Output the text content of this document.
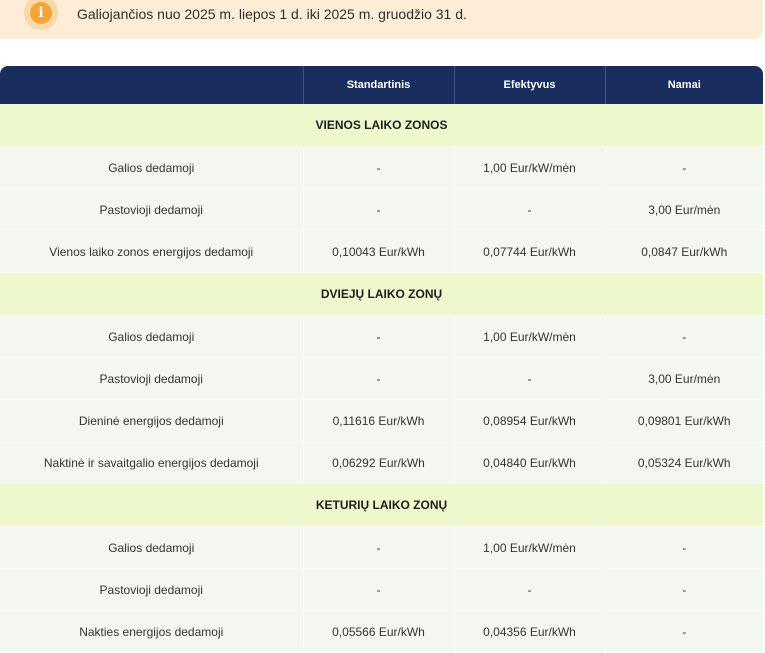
i	Galiojančios nuo 2025 m. liepos 1 d. iki 2025 m. gruodžio 31 d.
	Standartinis	Efektyvus	Namai
VIENOS LAIKO ZONOS			
Galios dedamoji	-	1,00 Eur/kW/mėn	-
Pastovioji dedamoji	-	-	3,00 Eur/mėn
Vienos laiko zonos energijos dedamoji	0,10043 Eur/kWh	0,07744 Eur/kWh	0,0847 Eur/kWh
DVIEJŲ LAIKO ZONŲ			
Galios dedamoji	-	1,00 Eur/kW/mėn	-
Pastovioji dedamoji	-	-	3,00 Eur/mėn
Dieninė energijos dedamoji	0,11616 Eur/kWh	0,08954 Eur/kWh	0,09801 Eur/kWh
Naktinė ir savaitgalio energijos dedamoji	0,06292 Eur/kWh	0,04840 Eur/kWh	0,05324 Eur/kWh
KETURIŲ LAIKO ZONŲ			
Galios dedamoji	-	1,00 Eur/kW/mėn	-
Pastovioji dedamoji	-	-	-
Nakties energijos dedamoji	0,05566 Eur/kWh	0,04356 Eur/kWh	-
